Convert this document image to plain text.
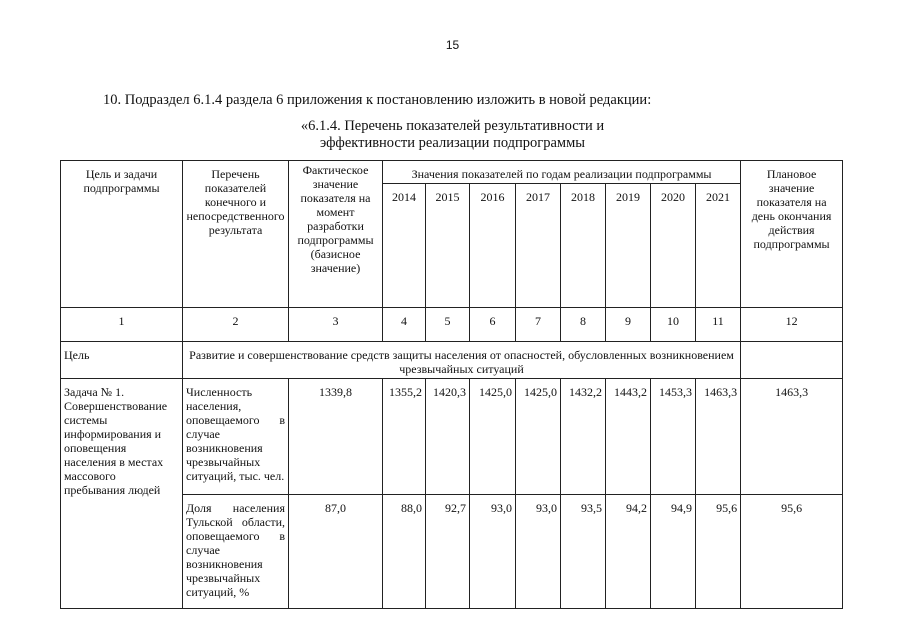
15
10. Подраздел 6.1.4 раздела 6 приложения к постановлению изложить в новой редакции:
«6.1.4. Перечень показателей результативности и
эффективности реализации подпрограммы
Цель и задачи подпрограммы	Перечень показателей конечного и непосредственного результата	Фактическое значение показателя на момент разработки подпрограммы (базисное значение)	Значения показателей по годам реализации подпрограммы								Плановое значение показателя на день окончания действия подпрограммы
			2014	2015	2016	2017	2018	2019	2020	2021	
1	2	3	4	5	6	7	8	9	10	11	12
Цель	Развитие и совершенствование средств защиты населения от опасностей, обусловленных возникновением чрезвычайных ситуаций										
Задача № 1. Совершенствование системы информирования и оповещения населения в местах массового пребывания людей	Численность населения, оповещаемого в случае возникновения чрезвычайных ситуаций, тыс. чел.	1339,8	1355,2	1420,3	1425,0	1425,0	1432,2	1443,2	1453,3	1463,3	1463,3
	Доля населения Тульской области, оповещаемого в случае возникновения чрезвычайных ситуаций, %	87,0	88,0	92,7	93,0	93,0	93,5	94,2	94,9	95,6	95,6
